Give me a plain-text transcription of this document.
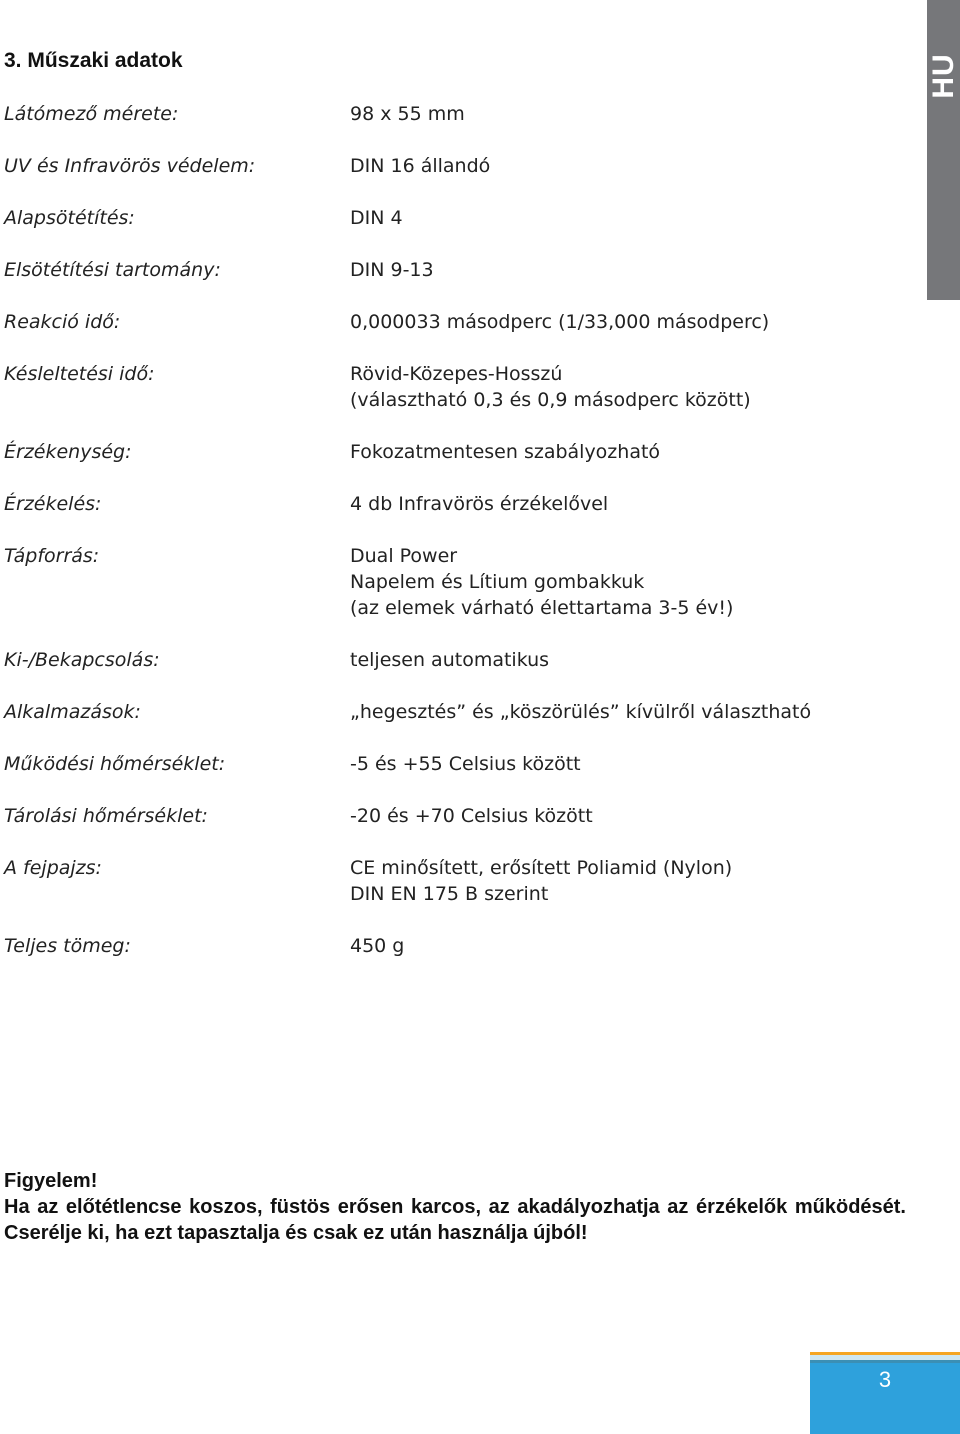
HU
3. Műszaki adatok
Látómező mérete:	98 x 55 mm
UV és Infravörös védelem:	DIN 16 állandó
Alapsötétítés:	DIN 4
Elsötétítési tartomány:	DIN 9-13
Reakció idő:	0,000033 másodperc (1/33,000 másodperc)
Késleltetési idő:	Rövid-Közepes-Hosszú
(választható 0,3 és 0,9 másodperc között)
Érzékenység:	Fokozatmentesen szabályozható
Érzékelés:	4 db Infravörös érzékelővel
Tápforrás:	Dual Power
Napelem és Lítium gombakkuk
(az elemek várható élettartama 3-5 év!)
Ki-/Bekapcsolás:	teljesen automatikus
Alkalmazások:	„hegesztés” és „köszörülés” kívülről választható
Működési hőmérséklet:	-5 és +55 Celsius között
Tárolási hőmérséklet:	-20 és +70 Celsius között
A fejpajzs:	CE minősített, erősített Poliamid (Nylon)
DIN EN 175 B szerint
Teljes tömeg:	450 g
Figyelem!
Ha az előtétlencse koszos, füstös erősen karcos, az akadályozhatja az érzékelők működését. Cserélje ki, ha ezt tapasztalja és csak ez után használja újból!
3
